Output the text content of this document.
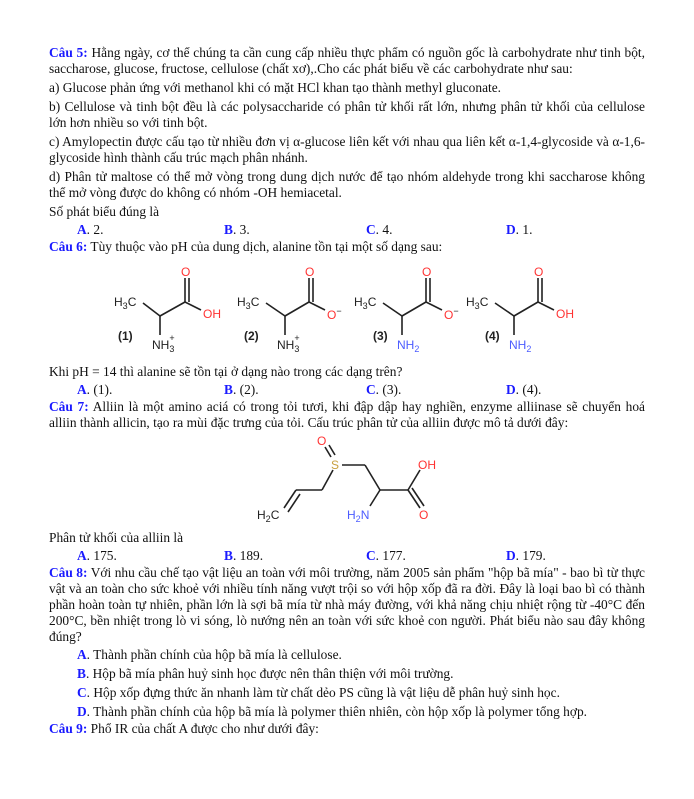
Câu 5: Hằng ngày, cơ thể chúng ta cần cung cấp nhiều thực phẩm có nguồn gốc là carbohydrate như tinh bột, saccharose, glucose, fructose, cellulose (chất xơ),.Cho các phát biểu về các carbohydrate như sau:

a) Glucose phản ứng với methanol khi có mặt HCl khan tạo thành methyl gluconate.

b) Cellulose và tinh bột đều là các polysaccharide có phân tử khối rất lớn, nhưng phân tử khối của cellulose lớn hơn nhiều so với tinh bột.

c) Amylopectin được cấu tạo từ nhiều đơn vị α-glucose liên kết với nhau qua liên kết α-1,4-glycoside và α-1,6-glycoside hình thành cấu trúc mạch phân nhánh.

d) Phân tử maltose có thể mở vòng trong dung dịch nước để tạo nhóm aldehyde trong khi saccharose không thể mở vòng được do không có nhóm -OH hemiacetal.

Số phát biểu đúng là

A. 2.	B. 3.	C. 4.	D. 1.

Câu 6: Tùy thuộc vào pH của dung dịch, alanine tồn tại một số dạng sau:

$H_3C$
O
OH
$NH_3+$
(1)
$H_3C$
O
O−
$NH_3+$
(2)
$H_3C$
O
O−
$NH_2$
(3)
$H_3C$
O
OH
$NH_2$
(4)

Khi pH = 14 thì alanine sẽ tồn tại ở dạng nào trong các dạng trên?

A. (1).	B. (2).	C. (3).	D. (4).

Câu 7: Alliin là một amino aciá có trong tỏi tươi, khi đập dập hay nghiền, enzyme alliinase sẽ chuyển hoá alliin thành allicin, tạo ra mùi đặc trưng của tỏi. Cấu trúc phân tử của alliin được mô tả dưới đây:

O
S	OH
O
$H_2N$
$H_2C$

Phân tử khối của alliin là

A. 175.	B. 189.	C. 177.	D. 179.

Câu 8: Với nhu cầu chế tạo vật liệu an toàn với môi trường, năm 2005 sản phẩm "hộp bã mía" - bao bì từ thực vật và an toàn cho sức khoẻ với nhiều tính năng vượt trội so với hộp xốp đã ra đời. Đây là loại bao bì có thành phần hoàn toàn tự nhiên, phần lớn là sợi bã mía từ nhà máy đường, với khả năng chịu nhiệt rộng từ -40°C đến 200°C, bền nhiệt trong lò vi sóng, lò nướng nên an toàn với sức khoẻ con người. Phát biểu nào sau đây không đúng?

A. Thành phần chính của hộp bã mía là cellulose.
B. Hộp bã mía phân huỷ sinh học được nên thân thiện với môi trường.
C. Hộp xốp đựng thức ăn nhanh làm từ chất dẻo PS cũng là vật liệu dễ phân huỷ sinh học.
D. Thành phần chính của hộp bã mía là polymer thiên nhiên, còn hộp xốp là polymer tổng hợp.

Câu 9: Phổ IR của chất A được cho như dưới đây:
